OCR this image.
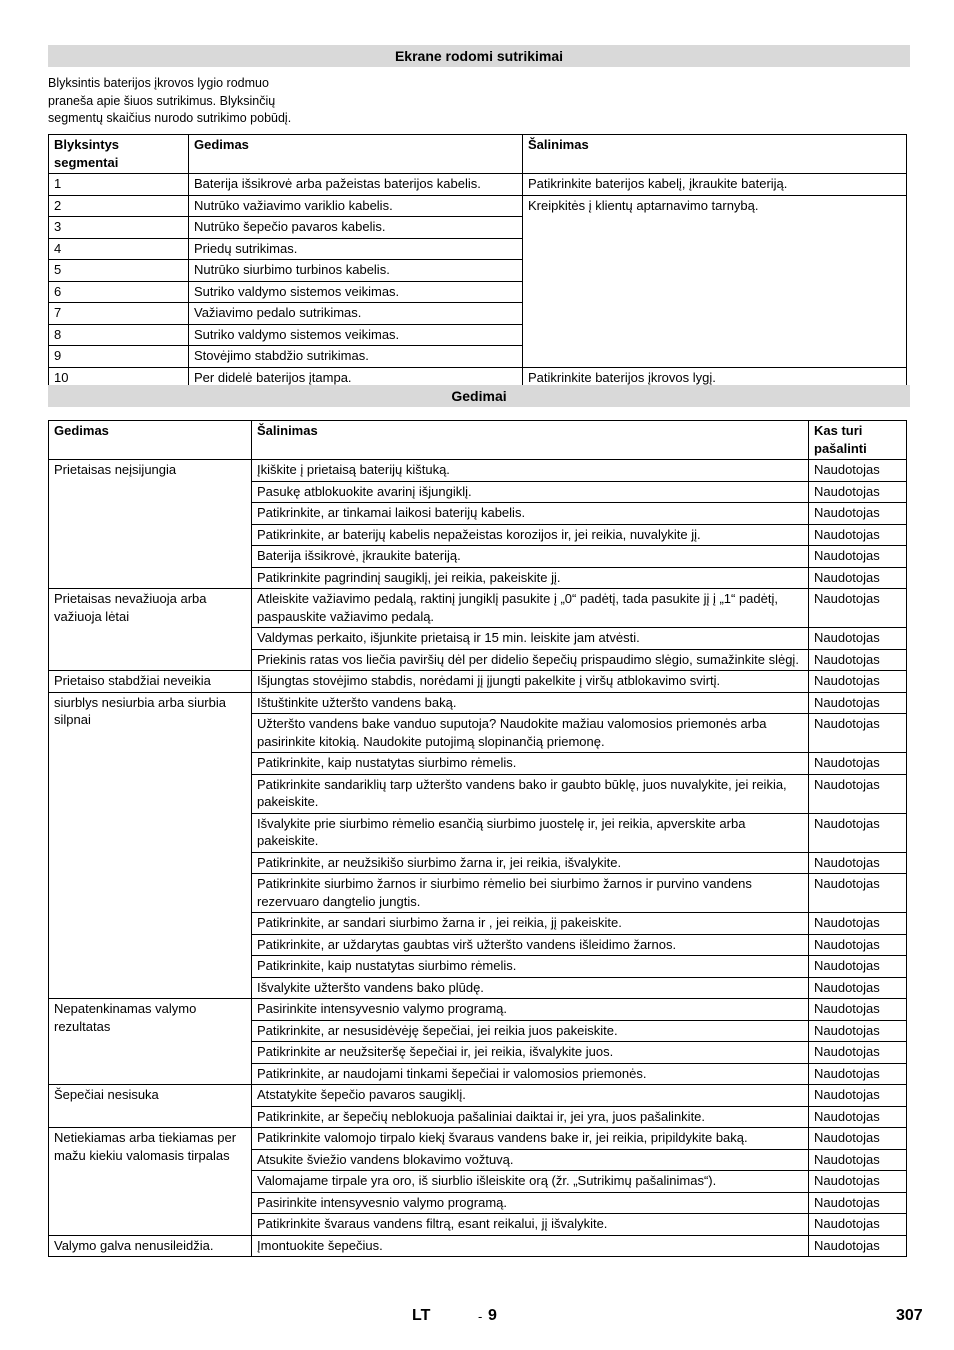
Ekrane rodomi sutrikimai
Blyksintis baterijos įkrovos lygio rodmuo
praneša apie šiuos sutrikimus. Blyksinčių
segmentų skaičius nurodo sutrikimo pobūdį.
Blyksintys segmentai	Gedimas	Šalinimas
1	Baterija išsikrovė arba pažeistas baterijos kabelis.	Patikrinkite baterijos kabelį, įkraukite bateriją.
2	Nutrūko važiavimo variklio kabelis.	Kreipkitės į klientų aptarnavimo tarnybą.
3	Nutrūko šepečio pavaros kabelis.	
4	Priedų sutrikimas.	
5	Nutrūko siurbimo turbinos kabelis.	
6	Sutriko valdymo sistemos veikimas.	
7	Važiavimo pedalo sutrikimas.	
8	Sutriko valdymo sistemos veikimas.	
9	Stovėjimo stabdžio sutrikimas.	
10	Per didelė baterijos įtampa.	Patikrinkite baterijos įkrovos lygį.
Gedimai
Gedimas	Šalinimas	Kas turi pašalinti
Prietaisas neįsijungia	Įkiškite į prietaisą baterijų kištuką.	Naudotojas
	Pasukę atblokuokite avarinį išjungiklį.	Naudotojas
	Patikrinkite, ar tinkamai laikosi baterijų kabelis.	Naudotojas
	Patikrinkite, ar baterijų kabelis nepažeistas korozijos ir, jei reikia, nuvalykite jį.	Naudotojas
	Baterija išsikrovė, įkraukite bateriją.	Naudotojas
	Patikrinkite pagrindinį saugiklį, jei reikia, pakeiskite jį.	Naudotojas
Prietaisas nevažiuoja arba važiuoja lėtai	Atleiskite važiavimo pedalą, raktinį jungiklį pasukite į „0“ padėtį, tada pasukite jį į „1“ padėtį, paspauskite važiavimo pedalą.	Naudotojas
	Valdymas perkaito, išjunkite prietaisą ir 15 min. leiskite jam atvėsti.	Naudotojas
	Priekinis ratas vos liečia paviršių dėl per didelio šepečių prispaudimo slėgio, sumažinkite slėgį.	Naudotojas
Prietaiso stabdžiai neveikia	Išjungtas stovėjimo stabdis, norėdami jį įjungti pakelkite į viršų atblokavimo svirtį.	Naudotojas
siurblys nesiurbia arba siurbia silpnai	Ištuštinkite užteršto vandens baką.	Naudotojas
	Užteršto vandens bake vanduo suputoja? Naudokite mažiau valomosios priemonės arba pasirinkite kitokią. Naudokite putojimą slopinančią priemonę.	Naudotojas
	Patikrinkite, kaip nustatytas siurbimo rėmelis.	Naudotojas
	Patikrinkite sandariklių tarp užteršto vandens bako ir gaubto būklę, juos nuvalykite, jei reikia, pakeiskite.	Naudotojas
	Išvalykite prie siurbimo rėmelio esančią siurbimo juostelę ir, jei reikia, apverskite arba pakeiskite.	Naudotojas
	Patikrinkite, ar neužsikišo siurbimo žarna ir, jei reikia, išvalykite.	Naudotojas
	Patikrinkite siurbimo žarnos ir siurbimo rėmelio bei siurbimo žarnos ir purvino vandens rezervuaro dangtelio jungtis.	Naudotojas
	Patikrinkite, ar sandari siurbimo žarna ir , jei reikia, jį pakeiskite.	Naudotojas
	Patikrinkite, ar uždarytas gaubtas virš užteršto vandens išleidimo žarnos.	Naudotojas
	Patikrinkite, kaip nustatytas siurbimo rėmelis.	Naudotojas
	Išvalykite užteršto vandens bako plūdę.	Naudotojas
Nepatenkinamas valymo rezultatas	Pasirinkite intensyvesnio valymo programą.	Naudotojas
	Patikrinkite, ar nesusidėvėję šepečiai, jei reikia juos pakeiskite.	Naudotojas
	Patikrinkite ar neužsiteršę šepečiai ir, jei reikia, išvalykite juos.	Naudotojas
	Patikrinkite, ar naudojami tinkami šepečiai ir valomosios priemonės.	Naudotojas
Šepečiai nesisuka	Atstatykite šepečio pavaros saugiklį.	Naudotojas
	Patikrinkite, ar šepečių neblokuoja pašaliniai daiktai ir, jei yra, juos pašalinkite.	Naudotojas
Netiekiamas arba tiekiamas per mažu kiekiu valomasis tirpalas	Patikrinkite valomojo tirpalo kiekį švaraus vandens bake ir, jei reikia, pripildykite baką.	Naudotojas
	Atsukite šviežio vandens blokavimo vožtuvą.	Naudotojas
	Valomajame tirpale yra oro, iš siurblio išleiskite orą (žr. „Sutrikimų pašalinimas“).	Naudotojas
	Pasirinkite intensyvesnio valymo programą.	Naudotojas
	Patikrinkite švaraus vandens filtrą, esant reikalui, jį išvalykite.	Naudotojas
Valymo galva nenusileidžia.	Įmontuokite šepečius.	Naudotojas
LT	- 9	307
